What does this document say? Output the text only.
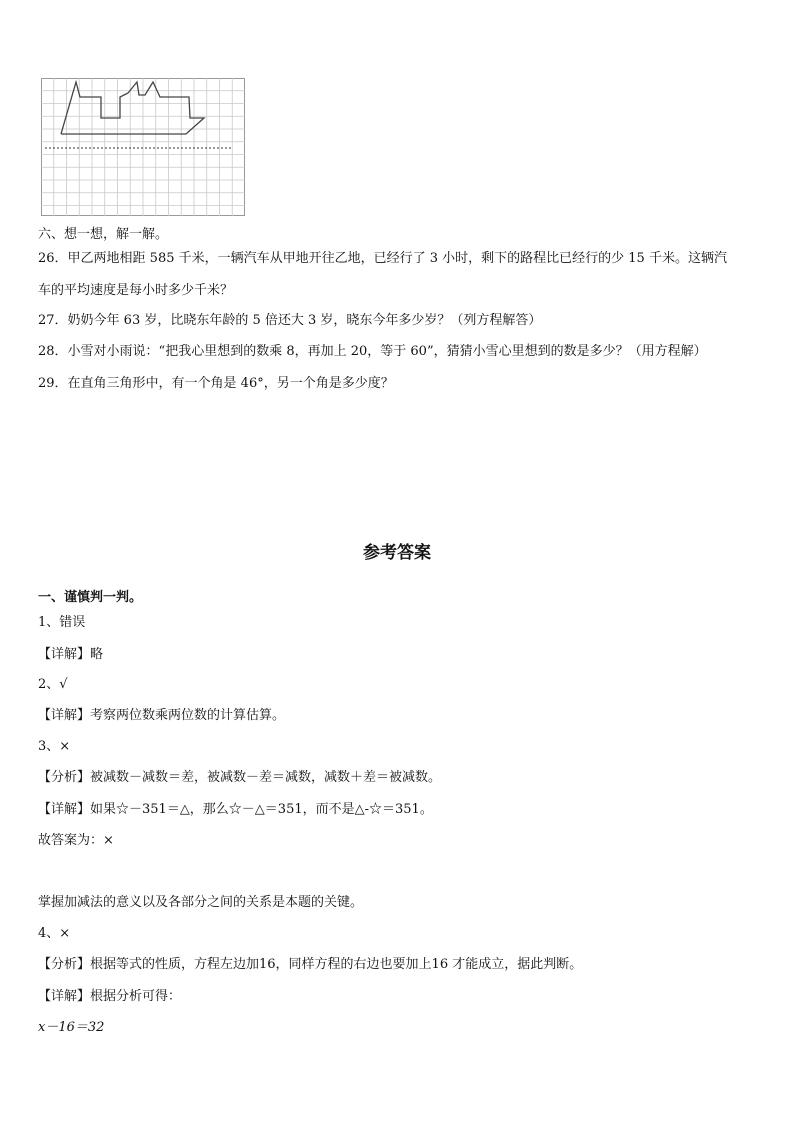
六、想一想，解一解。
26．甲乙两地相距 585 千米，一辆汽车从甲地开往乙地，已经行了 3 小时，剩下的路程比已经行的少 15 千米。这辆汽
车的平均速度是每小时多少千米？
27．奶奶今年 63 岁，比晓东年龄的 5 倍还大 3 岁，晓东今年多少岁？（列方程解答）
28．小雪对小雨说：“把我心里想到的数乘 8，再加上 20，等于 60”，猜猜小雪心里想到的数是多少？（用方程解）
29．在直角三角形中，有一个角是 46°，另一个角是多少度？
参考答案
一、谨慎判一判。
1、错误
【详解】略
2、√
【详解】考察两位数乘两位数的计算估算。
3、×
【分析】被减数－减数＝差，被减数－差＝减数，减数＋差＝被减数。
【详解】如果☆－351＝△，那么☆－△＝351，而不是△-☆＝351。
故答案为：×
掌握加减法的意义以及各部分之间的关系是本题的关键。
4、×
【分析】根据等式的性质，方程左边加16，同样方程的右边也要加上16 才能成立，据此判断。
【详解】根据分析可得：
x－16＝32
